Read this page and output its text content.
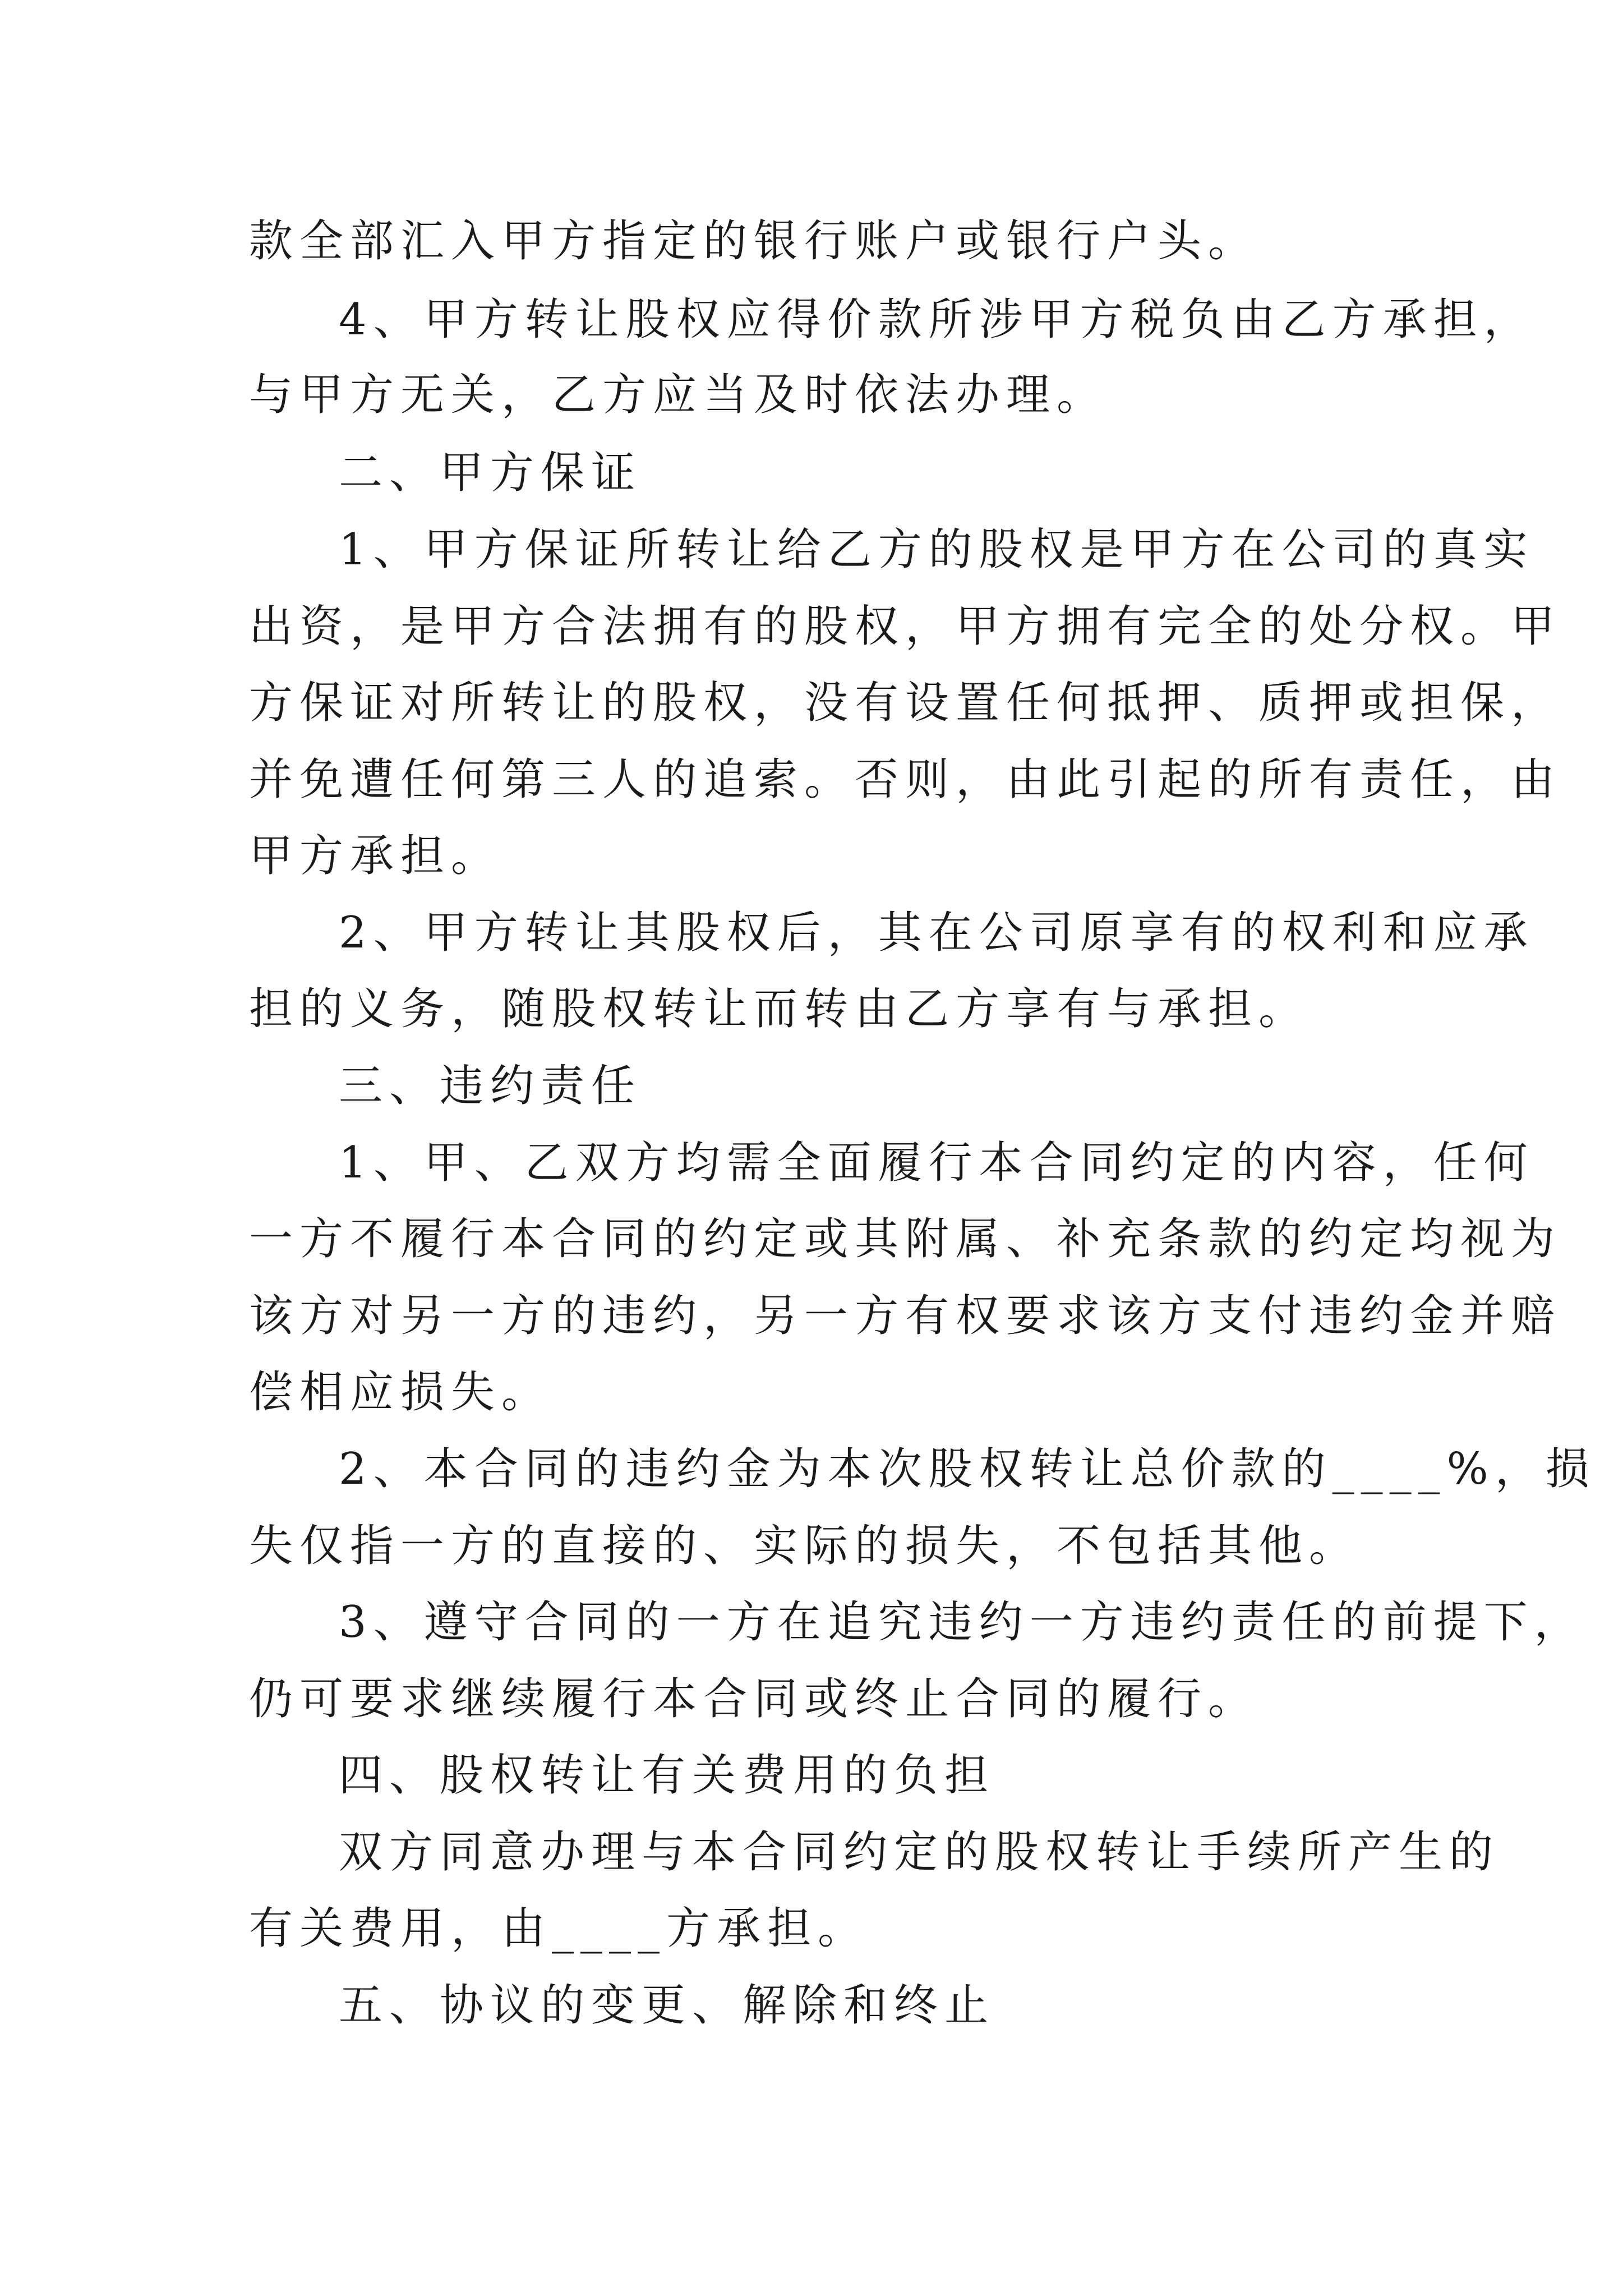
款全部汇入甲方指定的银行账户或银行户头。
4、甲方转让股权应得价款所涉甲方税负由乙方承担，
与甲方无关，乙方应当及时依法办理。
二、甲方保证
1、甲方保证所转让给乙方的股权是甲方在公司的真实
出资，是甲方合法拥有的股权，甲方拥有完全的处分权。甲
方保证对所转让的股权，没有设置任何抵押、质押或担保，
并免遭任何第三人的追索。否则，由此引起的所有责任，由
甲方承担。
2、甲方转让其股权后，其在公司原享有的权利和应承
担的义务，随股权转让而转由乙方享有与承担。
三、违约责任
1、甲、乙双方均需全面履行本合同约定的内容，任何
一方不履行本合同的约定或其附属、补充条款的约定均视为
该方对另一方的违约，另一方有权要求该方支付违约金并赔
偿相应损失。
2、本合同的违约金为本次股权转让总价款的____%，损
失仅指一方的直接的、实际的损失，不包括其他。
3、遵守合同的一方在追究违约一方违约责任的前提下，
仍可要求继续履行本合同或终止合同的履行。
四、股权转让有关费用的负担
双方同意办理与本合同约定的股权转让手续所产生的
有关费用，由____方承担。
五、协议的变更、解除和终止
